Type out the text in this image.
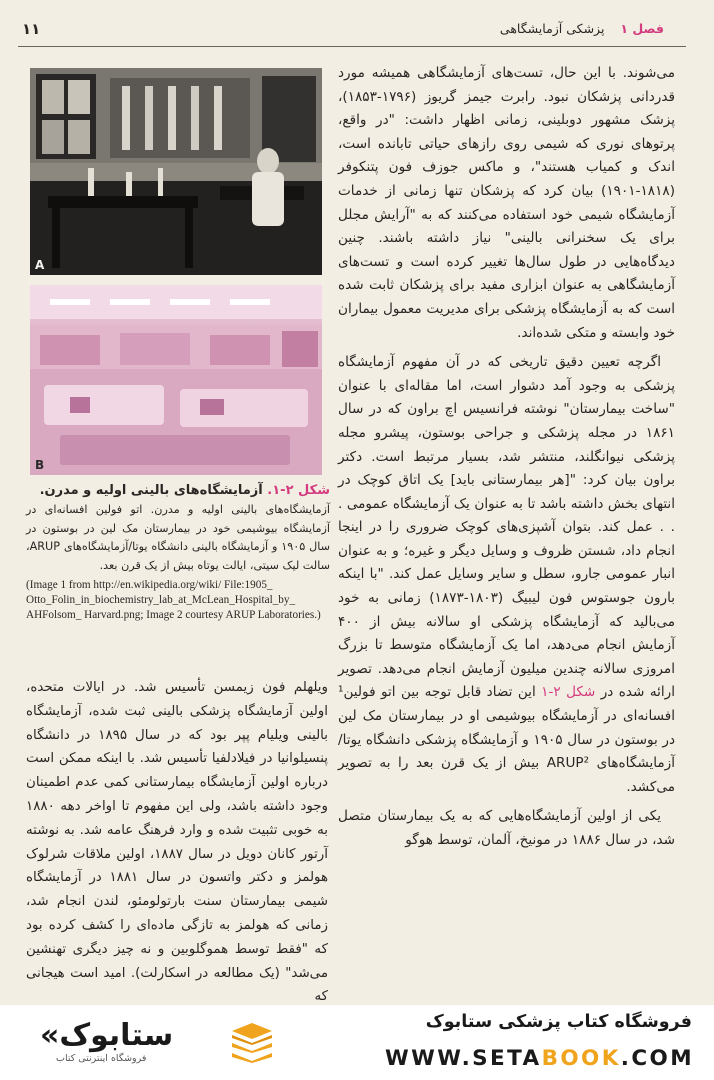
۱۱	فصل ۱    پزشکی آزمایشگاهی
A
B
شکل ۲-۱. آزمایشگاه‌های بالینی اولیه و مدرن.
آزمایشگاه‌های بالینی اولیه و مدرن. اتو فولین افسانه‌ای در آزمایشگاه بیوشیمی خود در بیمارستان مک لین در بوستون در سال ۱۹۰۵ و آزمایشگاه بالینی دانشگاه یوتا/آزمایشگاه‌های ARUP، سالت لیک سیتی، ایالت یوتاه بیش از یک قرن بعد.
(Image 1 from http://en.wikipedia.org/wiki/ File:1905_ Otto_Folin_in_biochemistry_lab_at_McLean_Hospital_by_ AHFolsom_ Harvard.png; Image 2 courtesy ARUP Laboratories.)

می‌شوند. با این حال، تست‌های آزمایشگاهی همیشه مورد قدردانی پزشکان نبود. رابرت جیمز گریوز (۱۷۹۶-۱۸۵۳)، پزشک مشهور دوبلینی، زمانی اظهار داشت: "در واقع، پرتوهای نوری که شیمی روی رازهای حیاتی تابانده است، اندک و کمیاب هستند"، و ماکس جوزف فون پتنکوفر (۱۸۱۸-۱۹۰۱) بیان کرد که پزشکان تنها زمانی از خدمات آزمایشگاه شیمی خود استفاده می‌کنند که به "آرایش مجلل برای یک سخنرانی بالینی" نیاز داشته باشند. چنین دیدگاه‌هایی در طول سال‌ها تغییر کرده است و تست‌های آزمایشگاهی به عنوان ابزاری مفید برای پزشکان ثابت شده است که به آزمایشگاه پزشکی برای مدیریت معمول بیماران خود وابسته و متکی شده‌اند.

اگرچه تعیین دقیق تاریخی که در آن مفهوم آزمایشگاه پزشکی به وجود آمد دشوار است، اما مقاله‌ای با عنوان "ساخت بیمارستان" نوشته فرانسیس اچ براون که در سال ۱۸۶۱ در مجله پزشکی و جراحی بوستون، پیشرو مجله پزشکی نیوانگلند، منتشر شد، بسیار مرتبط است. دکتر براون بیان کرد: "[هر بیمارستانی باید] یک اتاق کوچک در انتهای بخش داشته باشد تا به عنوان یک آزمایشگاه عمومی . . . عمل کند. بتوان آشپزی‌های کوچک ضروری را در اینجا انجام داد، شستن ظروف و وسایل دیگر و غیره؛ و به عنوان انبار عمومی جارو، سطل و سایر وسایل عمل کند. "با اینکه بارون جوستوس فون لیبیگ (۱۸۰۳-۱۸۷۳) زمانی به خود می‌بالید که آزمایشگاه پزشکی او سالانه بیش از ۴۰۰ آزمایش انجام می‌دهد، اما یک آزمایشگاه متوسط تا بزرگ امروزی سالانه چندین میلیون آزمایش انجام می‌دهد. تصویر ارائه شده در شکل ۲-۱ این تضاد قابل توجه بین اتو فولین¹ افسانه‌ای در آزمایشگاه بیوشیمی او در بیمارستان مک لین در بوستون در سال ۱۹۰۵ و آزمایشگاه پزشکی دانشگاه یوتا/ آزمایشگاه‌های ARUP² بیش از یک قرن بعد را به تصویر می‌کشد.

یکی از اولین آزمایشگاه‌هایی که به یک بیمارستان متصل شد، در سال ۱۸۸۶ در مونیخ، آلمان، توسط هوگو

ویلهلم فون زیمسن تأسیس شد. در ایالات متحده، اولین آزمایشگاه پزشکی بالینی ثبت شده، آزمایشگاه بالینی ویلیام پپر بود که در سال ۱۸۹۵ در دانشگاه پنسیلوانیا در فیلادلفیا تأسیس شد. با اینکه ممکن است درباره اولین آزمایشگاه بیمارستانی کمی عدم اطمینان وجود داشته باشد، ولی این مفهوم تا اواخر دهه ۱۸۸۰ به خوبی تثبیت شده و وارد فرهنگ عامه شد. به نوشته آرتور کانان دویل در سال ۱۸۸۷، اولین ملاقات شرلوک هولمز و دکتر واتسون در سال ۱۸۸۱ در آزمایشگاه شیمی بیمارستان سنت بارتولومئو، لندن انجام شد، زمانی که هولمز به تازگی ماده‌ای را کشف کرده بود که "فقط توسط هموگلوبین و نه چیز دیگری تهنشین می‌شد" (یک مطالعه در اسکارلت). امید است هیجانی که

«ستابوک
فروشگاه اینترنتی کتاب
فروشگاه کتاب پزشکی ستابوک
WWW.SETABOOK.COM
